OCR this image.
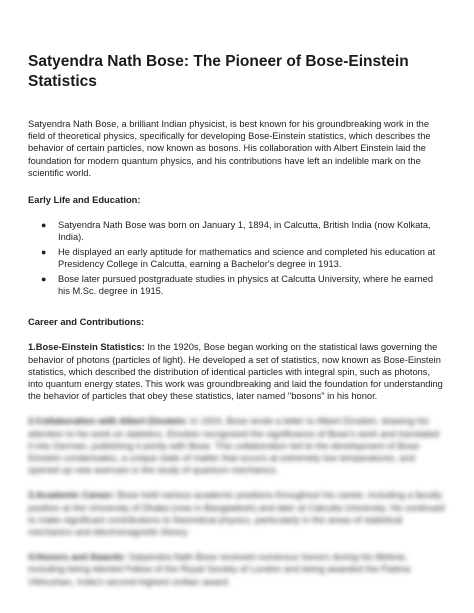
Satyendra Nath Bose: The Pioneer of Bose-Einstein Statistics

Satyendra Nath Bose, a brilliant Indian physicist, is best known for his groundbreaking work in the field of theoretical physics, specifically for developing Bose-Einstein statistics, which describes the behavior of certain particles, now known as bosons. His collaboration with Albert Einstein laid the foundation for modern quantum physics, and his contributions have left an indelible mark on the scientific world.

Early Life and Education:

● Satyendra Nath Bose was born on January 1, 1894, in Calcutta, British India (now Kolkata, India).
● He displayed an early aptitude for mathematics and science and completed his education at Presidency College in Calcutta, earning a Bachelor's degree in 1913.
● Bose later pursued postgraduate studies in physics at Calcutta University, where he earned his M.Sc. degree in 1915.

Career and Contributions:

1.Bose-Einstein Statistics: In the 1920s, Bose began working on the statistical laws governing the behavior of photons (particles of light). He developed a set of statistics, now known as Bose-Einstein statistics, which described the distribution of identical particles with integral spin, such as photons, into quantum energy states. This work was groundbreaking and laid the foundation for understanding the behavior of particles that obey these statistics, later named "bosons" in his honor.

2.Collaboration with Albert Einstein: In 1924, Bose wrote a letter to Albert Einstein, drawing his attention to his work on statistics. Einstein recognized the significance of Bose's work and translated it into German, publishing it jointly with Bose. This collaboration led to the development of Bose-Einstein condensates, a unique state of matter that occurs at extremely low temperatures, and opened up new avenues in the study of quantum mechanics.

3.Academic Career: Bose held various academic positions throughout his career, including a faculty position at the University of Dhaka (now in Bangladesh) and later at Calcutta University. He continued to make significant contributions to theoretical physics, particularly in the areas of statistical mechanics and electromagnetic theory.

4.Honors and Awards: Satyendra Nath Bose received numerous honors during his lifetime, including being elected Fellow of the Royal Society of London and being awarded the Padma Vibhushan, India's second-highest civilian award.
